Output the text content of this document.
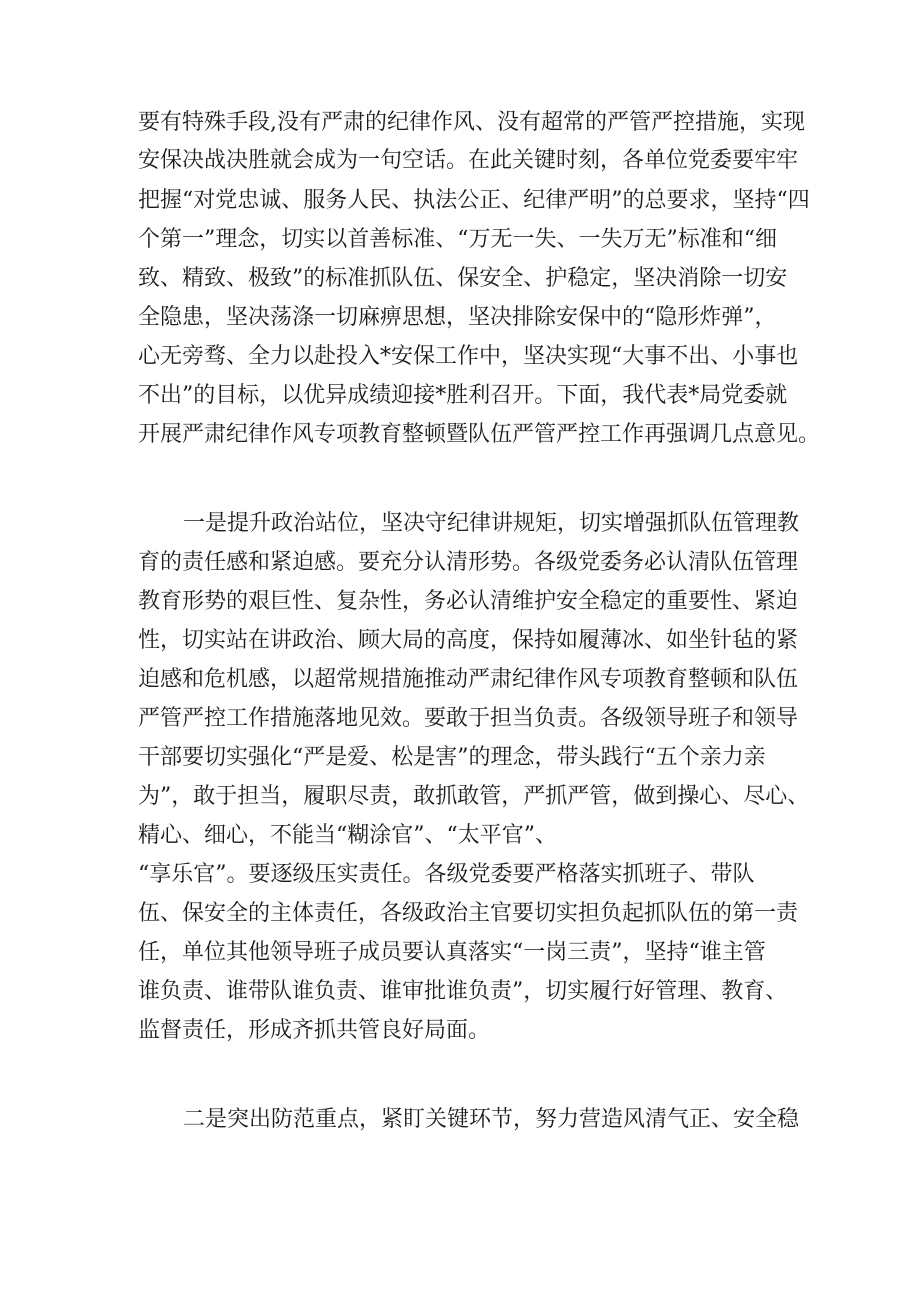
要有特殊手段,没有严肃的纪律作风、没有超常的严管严控措施，实现
安保决战决胜就会成为一句空话。在此关键时刻，各单位党委要牢牢
把握“对党忠诚、服务人民、执法公正、纪律严明”的总要求，坚持“四
个第一”理念，切实以首善标准、“万无一失、一失万无”标准和“细
致、精致、极致”的标准抓队伍、保安全、护稳定，坚决消除一切安
全隐患，坚决荡涤一切麻痹思想，坚决排除安保中的“隐形炸弹”，
心无旁骛、全力以赴投入*安保工作中，坚决实现“大事不出、小事也
不出”的目标，以优异成绩迎接*胜利召开。下面，我代表*局党委就
开展严肃纪律作风专项教育整顿暨队伍严管严控工作再强调几点意见。
一是提升政治站位，坚决守纪律讲规矩，切实增强抓队伍管理教
育的责任感和紧迫感。要充分认清形势。各级党委务必认清队伍管理
教育形势的艰巨性、复杂性，务必认清维护安全稳定的重要性、紧迫
性，切实站在讲政治、顾大局的高度，保持如履薄冰、如坐针毡的紧
迫感和危机感，以超常规措施推动严肃纪律作风专项教育整顿和队伍
严管严控工作措施落地见效。要敢于担当负责。各级领导班子和领导
干部要切实强化“严是爱、松是害”的理念，带头践行“五个亲力亲
为”，敢于担当，履职尽责，敢抓敢管，严抓严管，做到操心、尽心、
精心、细心，不能当“糊涂官”、“太平官”、
“享乐官”。要逐级压实责任。各级党委要严格落实抓班子、带队
伍、保安全的主体责任，各级政治主官要切实担负起抓队伍的第一责
任，单位其他领导班子成员要认真落实“一岗三责”，坚持“谁主管
谁负责、谁带队谁负责、谁审批谁负责”，切实履行好管理、教育、
监督责任，形成齐抓共管良好局面。
二是突出防范重点，紧盯关键环节，努力营造风清气正、安全稳
